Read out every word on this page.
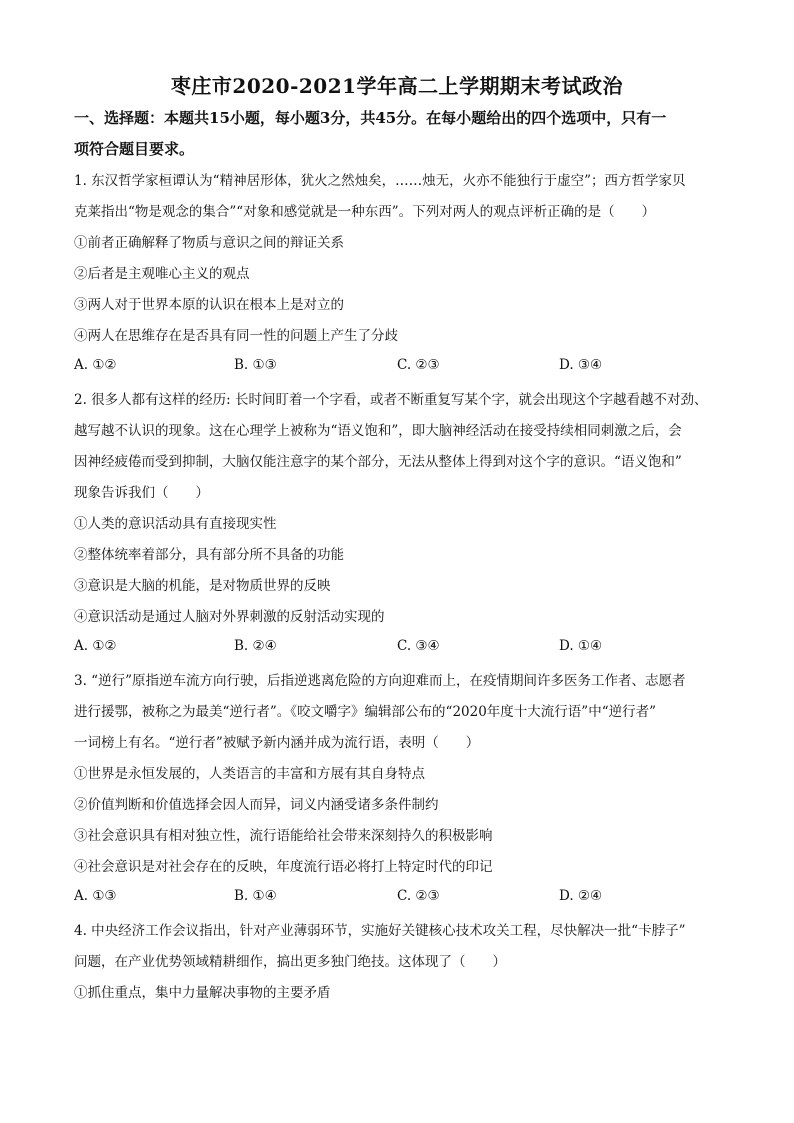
枣庄市2020-2021学年高二上学期期末考试政治
一、选择题：本题共15小题，每小题3分，共45分。在每小题给出的四个选项中，只有一
项符合题目要求。
1. 东汉哲学家桓谭认为“精神居形体，犹火之然烛矣，……烛无，火亦不能独行于虚空”；西方哲学家贝
克莱指出“物是观念的集合”“对象和感觉就是一种东西”。下列对两人的观点评析正确的是（　　）
①前者正确解释了物质与意识之间的辩证关系
②后者是主观唯心主义的观点
③两人对于世界本原的认识在根本上是对立的
④两人在思维存在是否具有同一性的问题上产生了分歧
A. ①②	B. ①③	C. ②③	D. ③④
2. 很多人都有这样的经历: 长时间盯着一个字看，或者不断重复写某个字，就会出现这个字越看越不对劲、
越写越不认识的现象。这在心理学上被称为“语义饱和”，即大脑神经活动在接受持续相同刺激之后，会
因神经疲倦而受到抑制，大脑仅能注意字的某个部分，无法从整体上得到对这个字的意识。“语义饱和”
现象告诉我们（　　）
①人类的意识活动具有直接现实性
②整体统率着部分，具有部分所不具备的功能
③意识是大脑的机能，是对物质世界的反映
④意识活动是通过人脑对外界刺激的反射活动实现的
A. ①②	B. ②④	C. ③④	D. ①④
3. “逆行”原指逆车流方向行驶，后指逆逃离危险的方向迎难而上，在疫情期间许多医务工作者、志愿者
进行援鄂，被称之为最美“逆行者”。《咬文嚼字》编辑部公布的“2020年度十大流行语”中“逆行者”
一词榜上有名。“逆行者”被赋予新内涵并成为流行语，表明（　　）
①世界是永恒发展的，人类语言的丰富和方展有其自身特点
②价值判断和价值选择会因人而异，词义内涵受诸多条件制约
③社会意识具有相对独立性，流行语能给社会带来深刻持久的积极影响
④社会意识是对社会存在的反映，年度流行语必将打上特定时代的印记
A. ①③	B. ①④	C. ②③	D. ②④
4. 中央经济工作会议指出，针对产业薄弱环节，实施好关键核心技术攻关工程，尽快解决一批“卡脖子”
问题，在产业优势领域精耕细作，搞出更多独门绝技。这体现了（　　）
①抓住重点，集中力量解决事物的主要矛盾
